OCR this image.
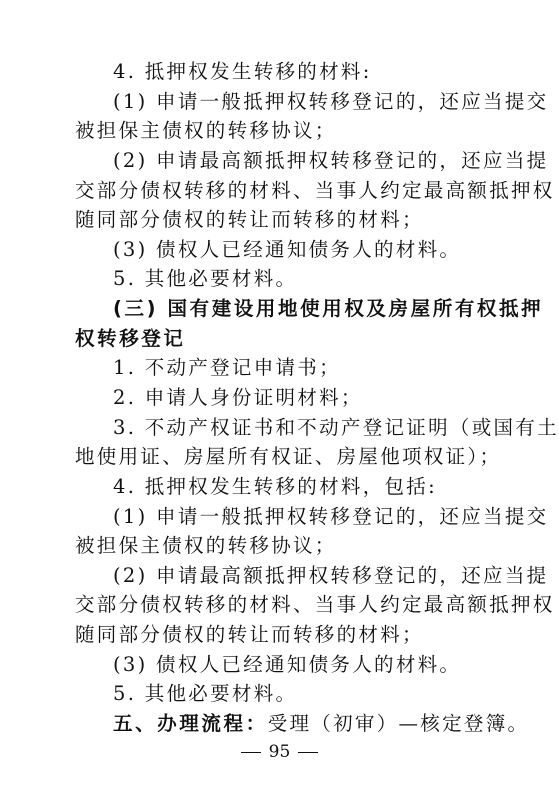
4. 抵押权发生转移的材料:
(1) 申请一般抵押权转移登记的，还应当提交
被担保主债权的转移协议；
(2) 申请最高额抵押权转移登记的，还应当提
交部分债权转移的材料、当事人约定最高额抵押权
随同部分债权的转让而转移的材料；
(3) 债权人已经通知债务人的材料。
5. 其他必要材料。
(三) 国有建设用地使用权及房屋所有权抵押
权转移登记
1. 不动产登记申请书；
2. 申请人身份证明材料；
3. 不动产权证书和不动产登记证明（或国有土
地使用证、房屋所有权证、房屋他项权证）；
4. 抵押权发生转移的材料，包括:
(1) 申请一般抵押权转移登记的，还应当提交
被担保主债权的转移协议；
(2) 申请最高额抵押权转移登记的，还应当提
交部分债权转移的材料、当事人约定最高额抵押权
随同部分债权的转让而转移的材料；
(3) 债权人已经通知债务人的材料。
5. 其他必要材料。
五、办理流程：受理（初审）—核定登簿。
95
